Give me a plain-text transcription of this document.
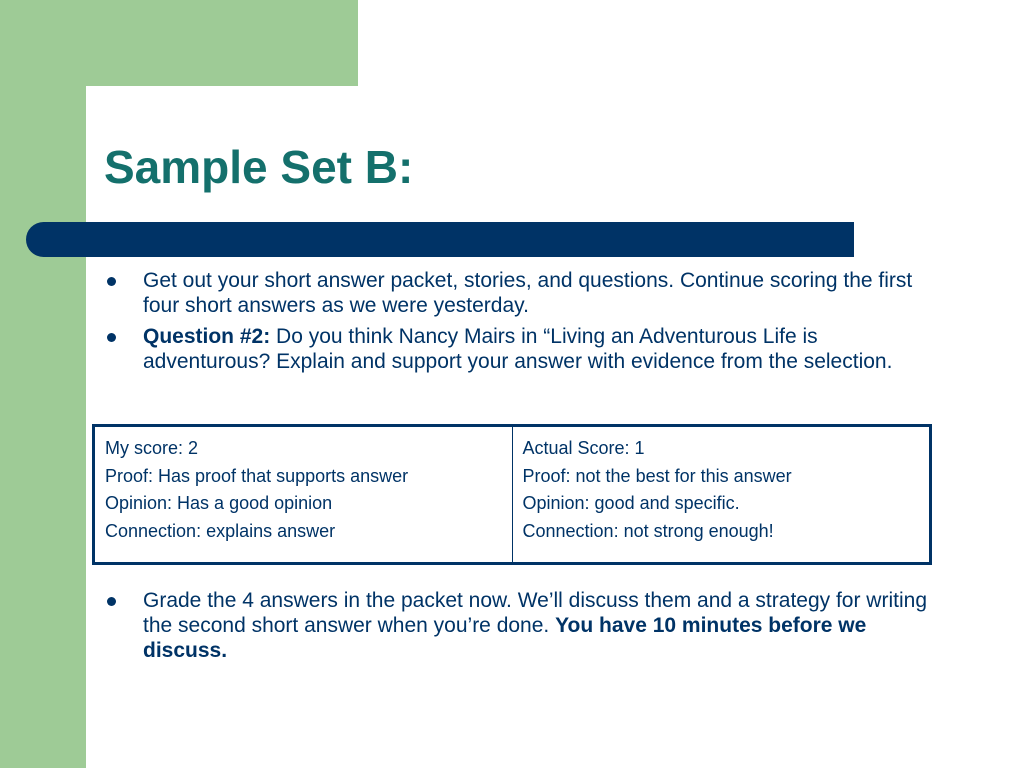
Sample Set B:
Get out your short answer packet, stories, and questions. Continue scoring the first four short answers as we were yesterday.
Question #2: Do you think Nancy Mairs in “Living an Adventurous Life is adventurous? Explain and support your answer with evidence from the selection.
My score: 2
Proof: Has proof that supports answer
Opinion: Has a good opinion
Connection: explains answer
Actual Score: 1
Proof: not the best for this answer
Opinion: good and specific.
Connection: not strong enough!
Grade the 4 answers in the packet now. We’ll discuss them and a strategy for writing the second short answer when you’re done. You have 10 minutes before we discuss.
